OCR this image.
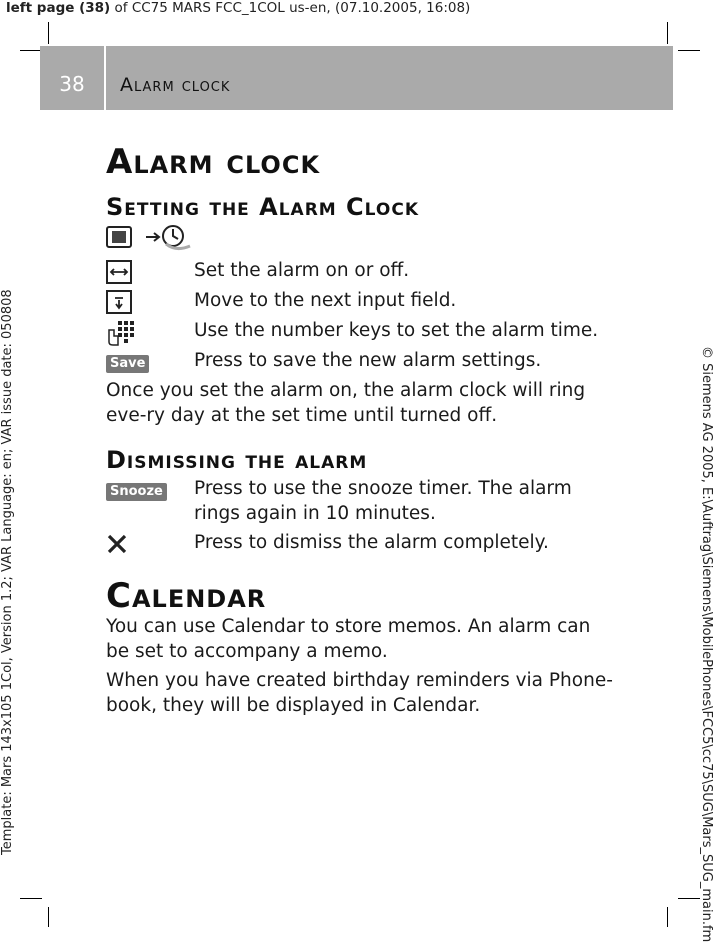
left page (38) of CC75 MARS FCC_1COL us-en, (07.10.2005, 16:08)
Template: Mars 143x105 1Col, Version 1.2; VAR Language: en; VAR issue date: 050808	© Siemens AG 2005, E:\Auftrag\Siemens\MobilePhones\FCC5\cc75\SUG\Mars_SUG_main.fm
38	Alarm clock
Alarm clock
Setting the Alarm Clock
Set the alarm on or off.
Move to the next input field.
Use the number keys to set the alarm time.
Save	Press to save the new alarm settings.
Once you set the alarm on, the alarm clock will ring eve-ry day at the set time until turned off.
Dismissing the alarm
Snooze Press to use the snooze timer. The alarm rings again in 10 minutes.
Press to dismiss the alarm completely.
Calendar
You can use Calendar to store memos. An alarm can be set to accompany a memo.
When you have created birthday reminders via Phone-book, they will be displayed in Calendar.
